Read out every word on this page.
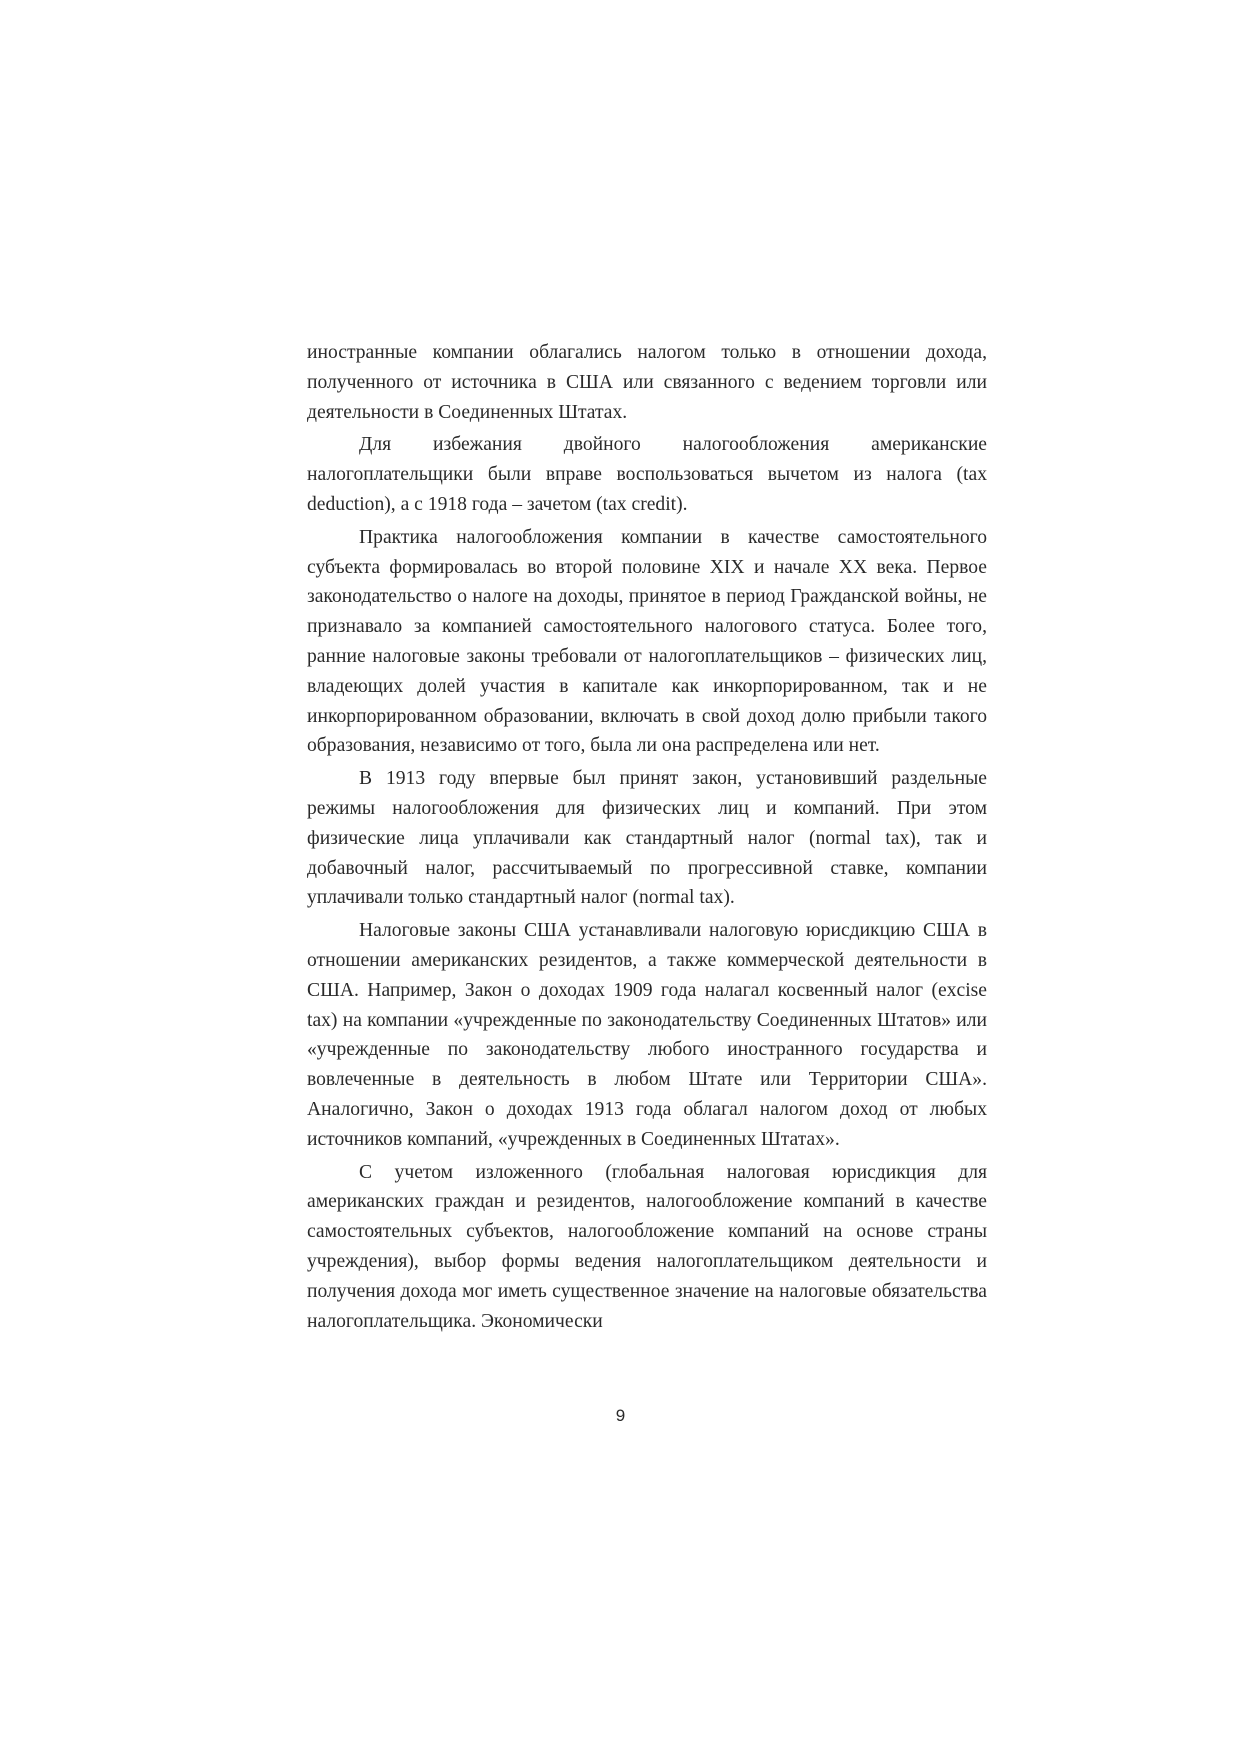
иностранные компании облагались налогом только в отношении дохода, полученного от источника в США или связанного с ведением торговли или деятельности в Соединенных Штатах.

Для избежания двойного налогообложения американские налогоплательщики были вправе воспользоваться вычетом из налога (tax deduction), а с 1918 года – зачетом (tax credit).

Практика налогообложения компании в качестве самостоятельного субъекта формировалась во второй половине XIX и начале XX века. Первое законодательство о налоге на доходы, принятое в период Гражданской войны, не признавало за компанией самостоятельного налогового статуса. Более того, ранние налоговые законы требовали от налогоплательщиков – физических лиц, владеющих долей участия в капитале как инкорпорированном, так и не инкорпорированном образовании, включать в свой доход долю прибыли такого образования, независимо от того, была ли она распределена или нет.

В 1913 году впервые был принят закон, установивший раздельные режимы налогообложения для физических лиц и компаний. При этом физические лица уплачивали как стандартный налог (normal tax), так и добавочный налог, рассчитываемый по прогрессивной ставке, компании уплачивали только стандартный налог (normal tax).

Налоговые законы США устанавливали налоговую юрисдикцию США в отношении американских резидентов, а также коммерческой деятельности в США. Например, Закон о доходах 1909 года налагал косвенный налог (excise tax) на компании «учрежденные по законодательству Соединенных Штатов» или «учрежденные по законодательству любого иностранного государства и вовлеченные в деятельность в любом Штате или Территории США». Аналогично, Закон о доходах 1913 года облагал налогом доход от любых источников компаний, «учрежденных в Соединенных Штатах».

С учетом изложенного (глобальная налоговая юрисдикция для американских граждан и резидентов, налогообложение компаний в качестве самостоятельных субъектов, налогообложение компаний на основе страны учреждения), выбор формы ведения налогоплательщиком деятельности и получения дохода мог иметь существенное значение на налоговые обязательства налогоплательщика. Экономически

9
